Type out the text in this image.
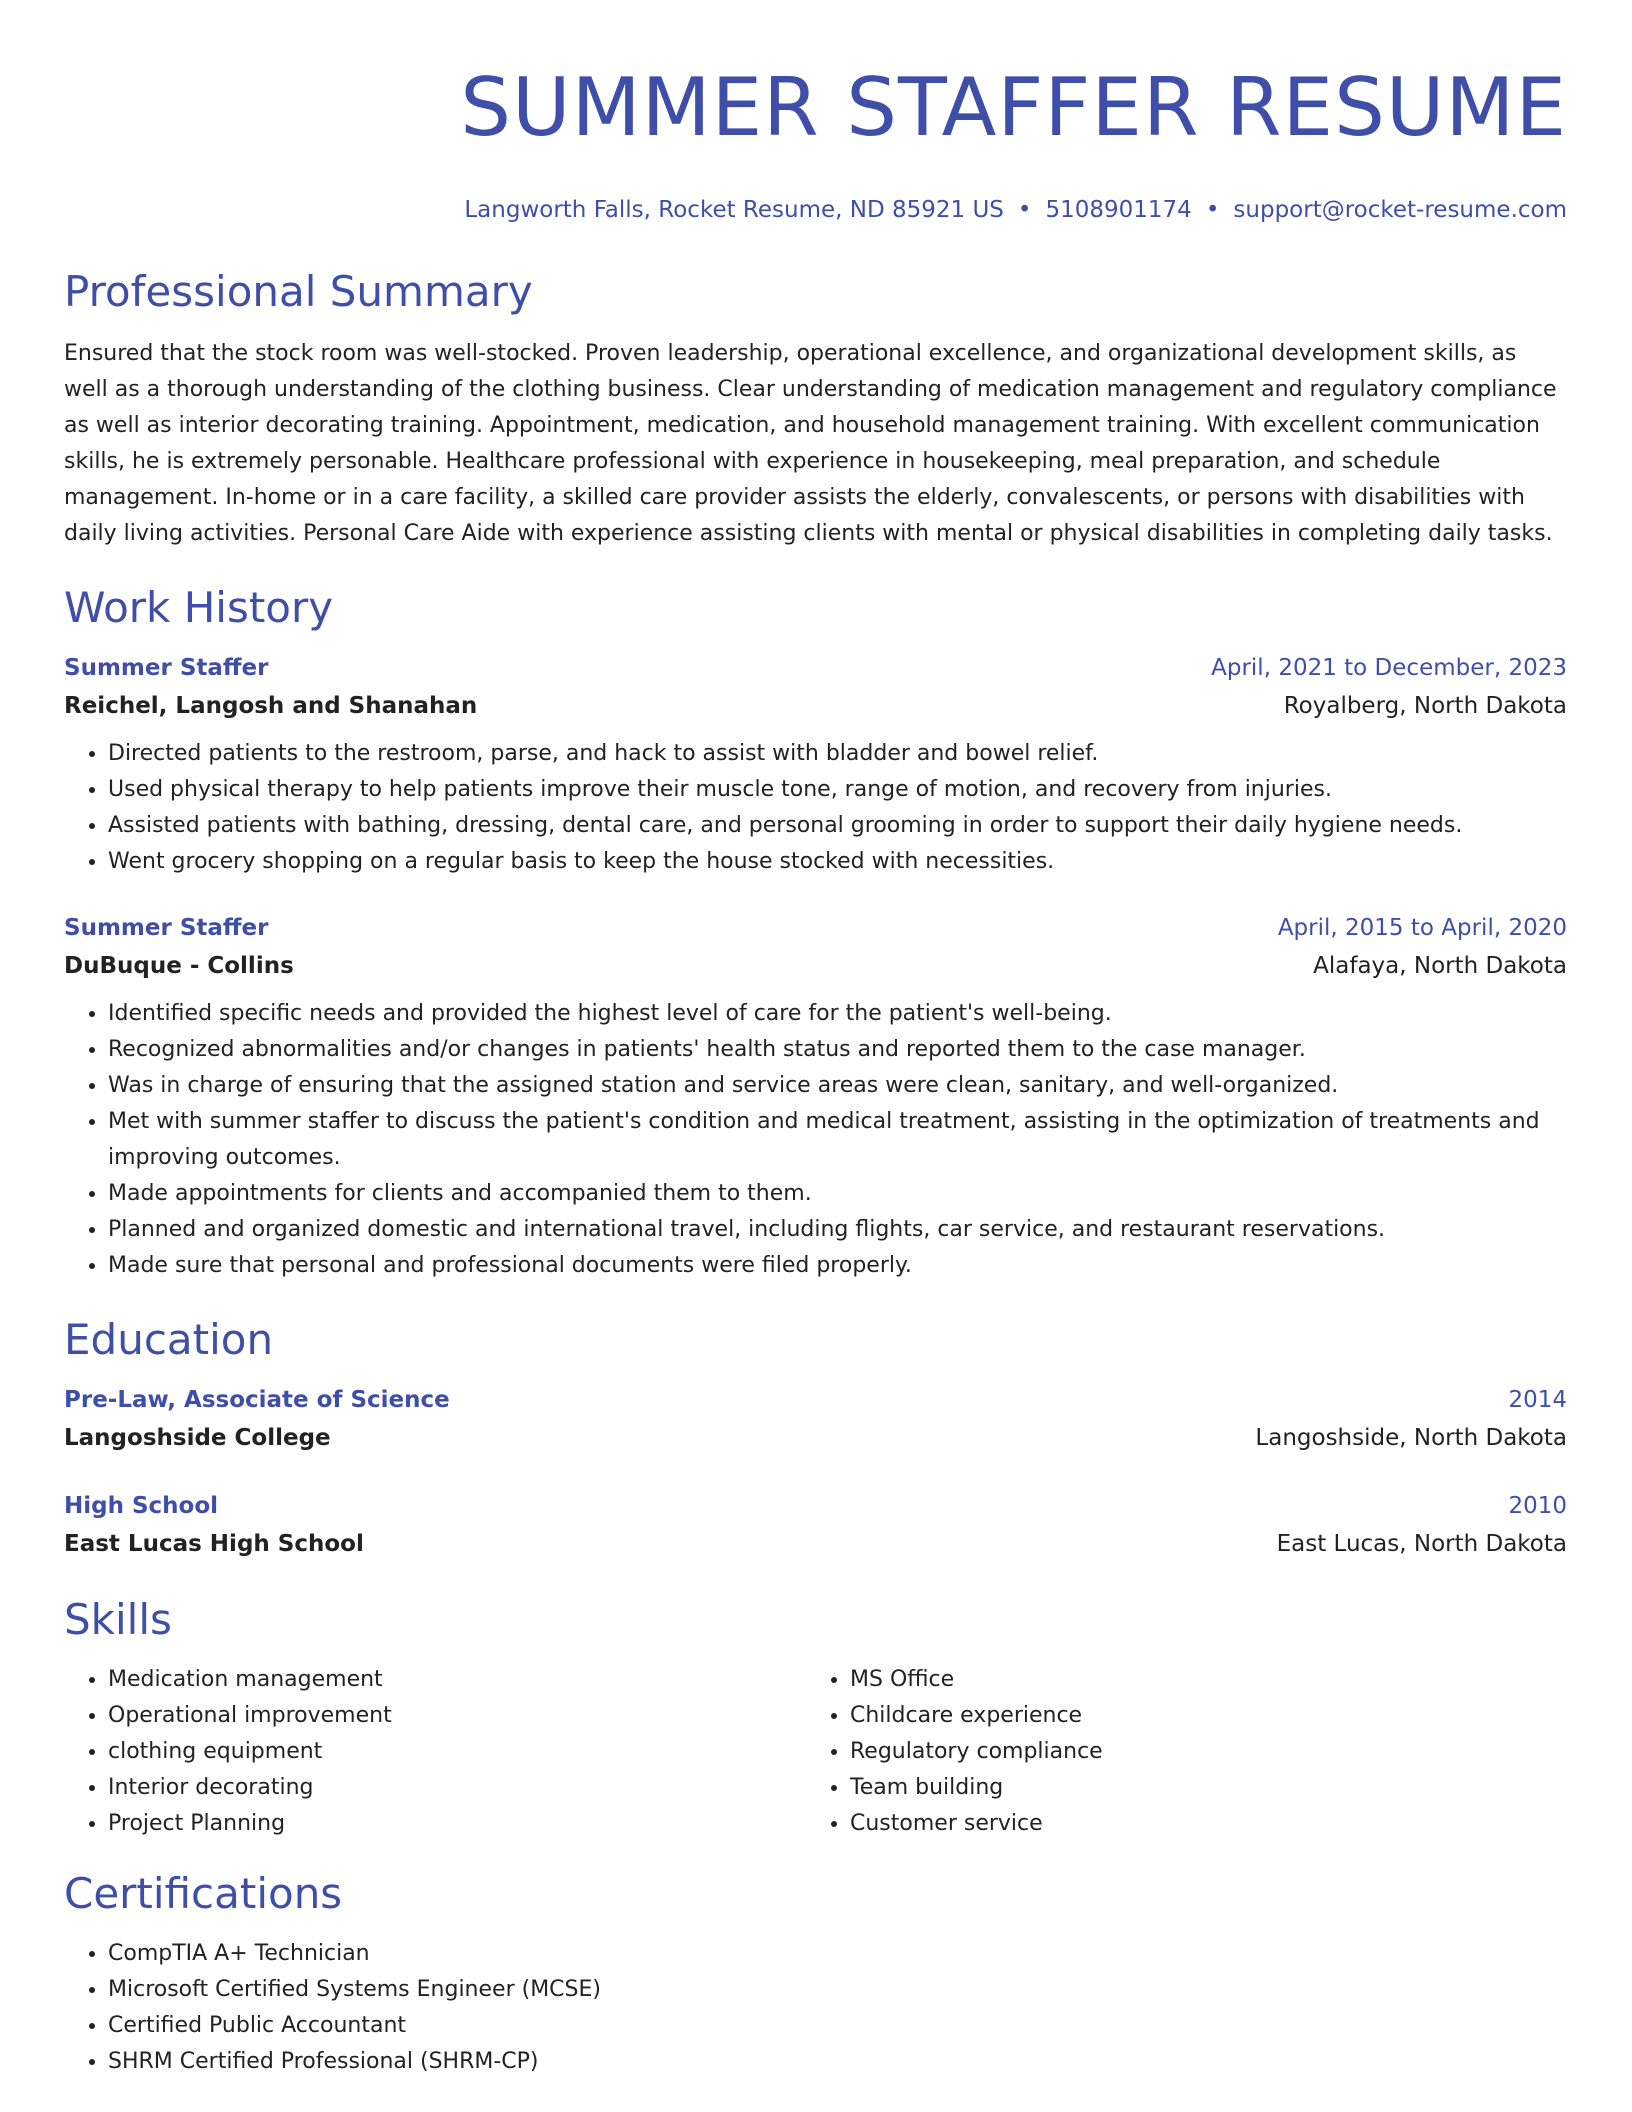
SUMMER STAFFER RESUME
Langworth Falls, Rocket Resume, ND 85921 US • 5108901174 • support@rocket-resume.com
Professional Summary

Ensured that the stock room was well-stocked. Proven leadership, operational excellence, and organizational development skills, as well as a thorough understanding of the clothing business. Clear understanding of medication management and regulatory compliance as well as interior decorating training. Appointment, medication, and household management training. With excellent communication skills, he is extremely personable. Healthcare professional with experience in housekeeping, meal preparation, and schedule management. In-home or in a care facility, a skilled care provider assists the elderly, convalescents, or persons with disabilities with daily living activities. Personal Care Aide with experience assisting clients with mental or physical disabilities in completing daily tasks.

Work History
Summer Staffer	April, 2021 to December, 2023
Reichel, Langosh and Shanahan	Royalberg, North Dakota
• Directed patients to the restroom, parse, and hack to assist with bladder and bowel relief.
• Used physical therapy to help patients improve their muscle tone, range of motion, and recovery from injuries.
• Assisted patients with bathing, dressing, dental care, and personal grooming in order to support their daily hygiene needs.
• Went grocery shopping on a regular basis to keep the house stocked with necessities.
Summer Staffer	April, 2015 to April, 2020
DuBuque - Collins	Alafaya, North Dakota
• Identified specific needs and provided the highest level of care for the patient's well-being.
• Recognized abnormalities and/or changes in patients' health status and reported them to the case manager.
• Was in charge of ensuring that the assigned station and service areas were clean, sanitary, and well-organized.
• Met with summer staffer to discuss the patient's condition and medical treatment, assisting in the optimization of treatments and improving outcomes.
• Made appointments for clients and accompanied them to them.
• Planned and organized domestic and international travel, including flights, car service, and restaurant reservations.
• Made sure that personal and professional documents were filed properly.
Education
Pre-Law, Associate of Science	2014
Langoshside College	Langoshside, North Dakota
High School	2010
East Lucas High School	East Lucas, North Dakota
Skills
• Medication management
• Operational improvement
• clothing equipment
• Interior decorating
• Project Planning
• MS Office
• Childcare experience
• Regulatory compliance
• Team building
• Customer service
Certifications
• CompTIA A+ Technician
• Microsoft Certified Systems Engineer (MCSE)
• Certified Public Accountant
• SHRM Certified Professional (SHRM-CP)
